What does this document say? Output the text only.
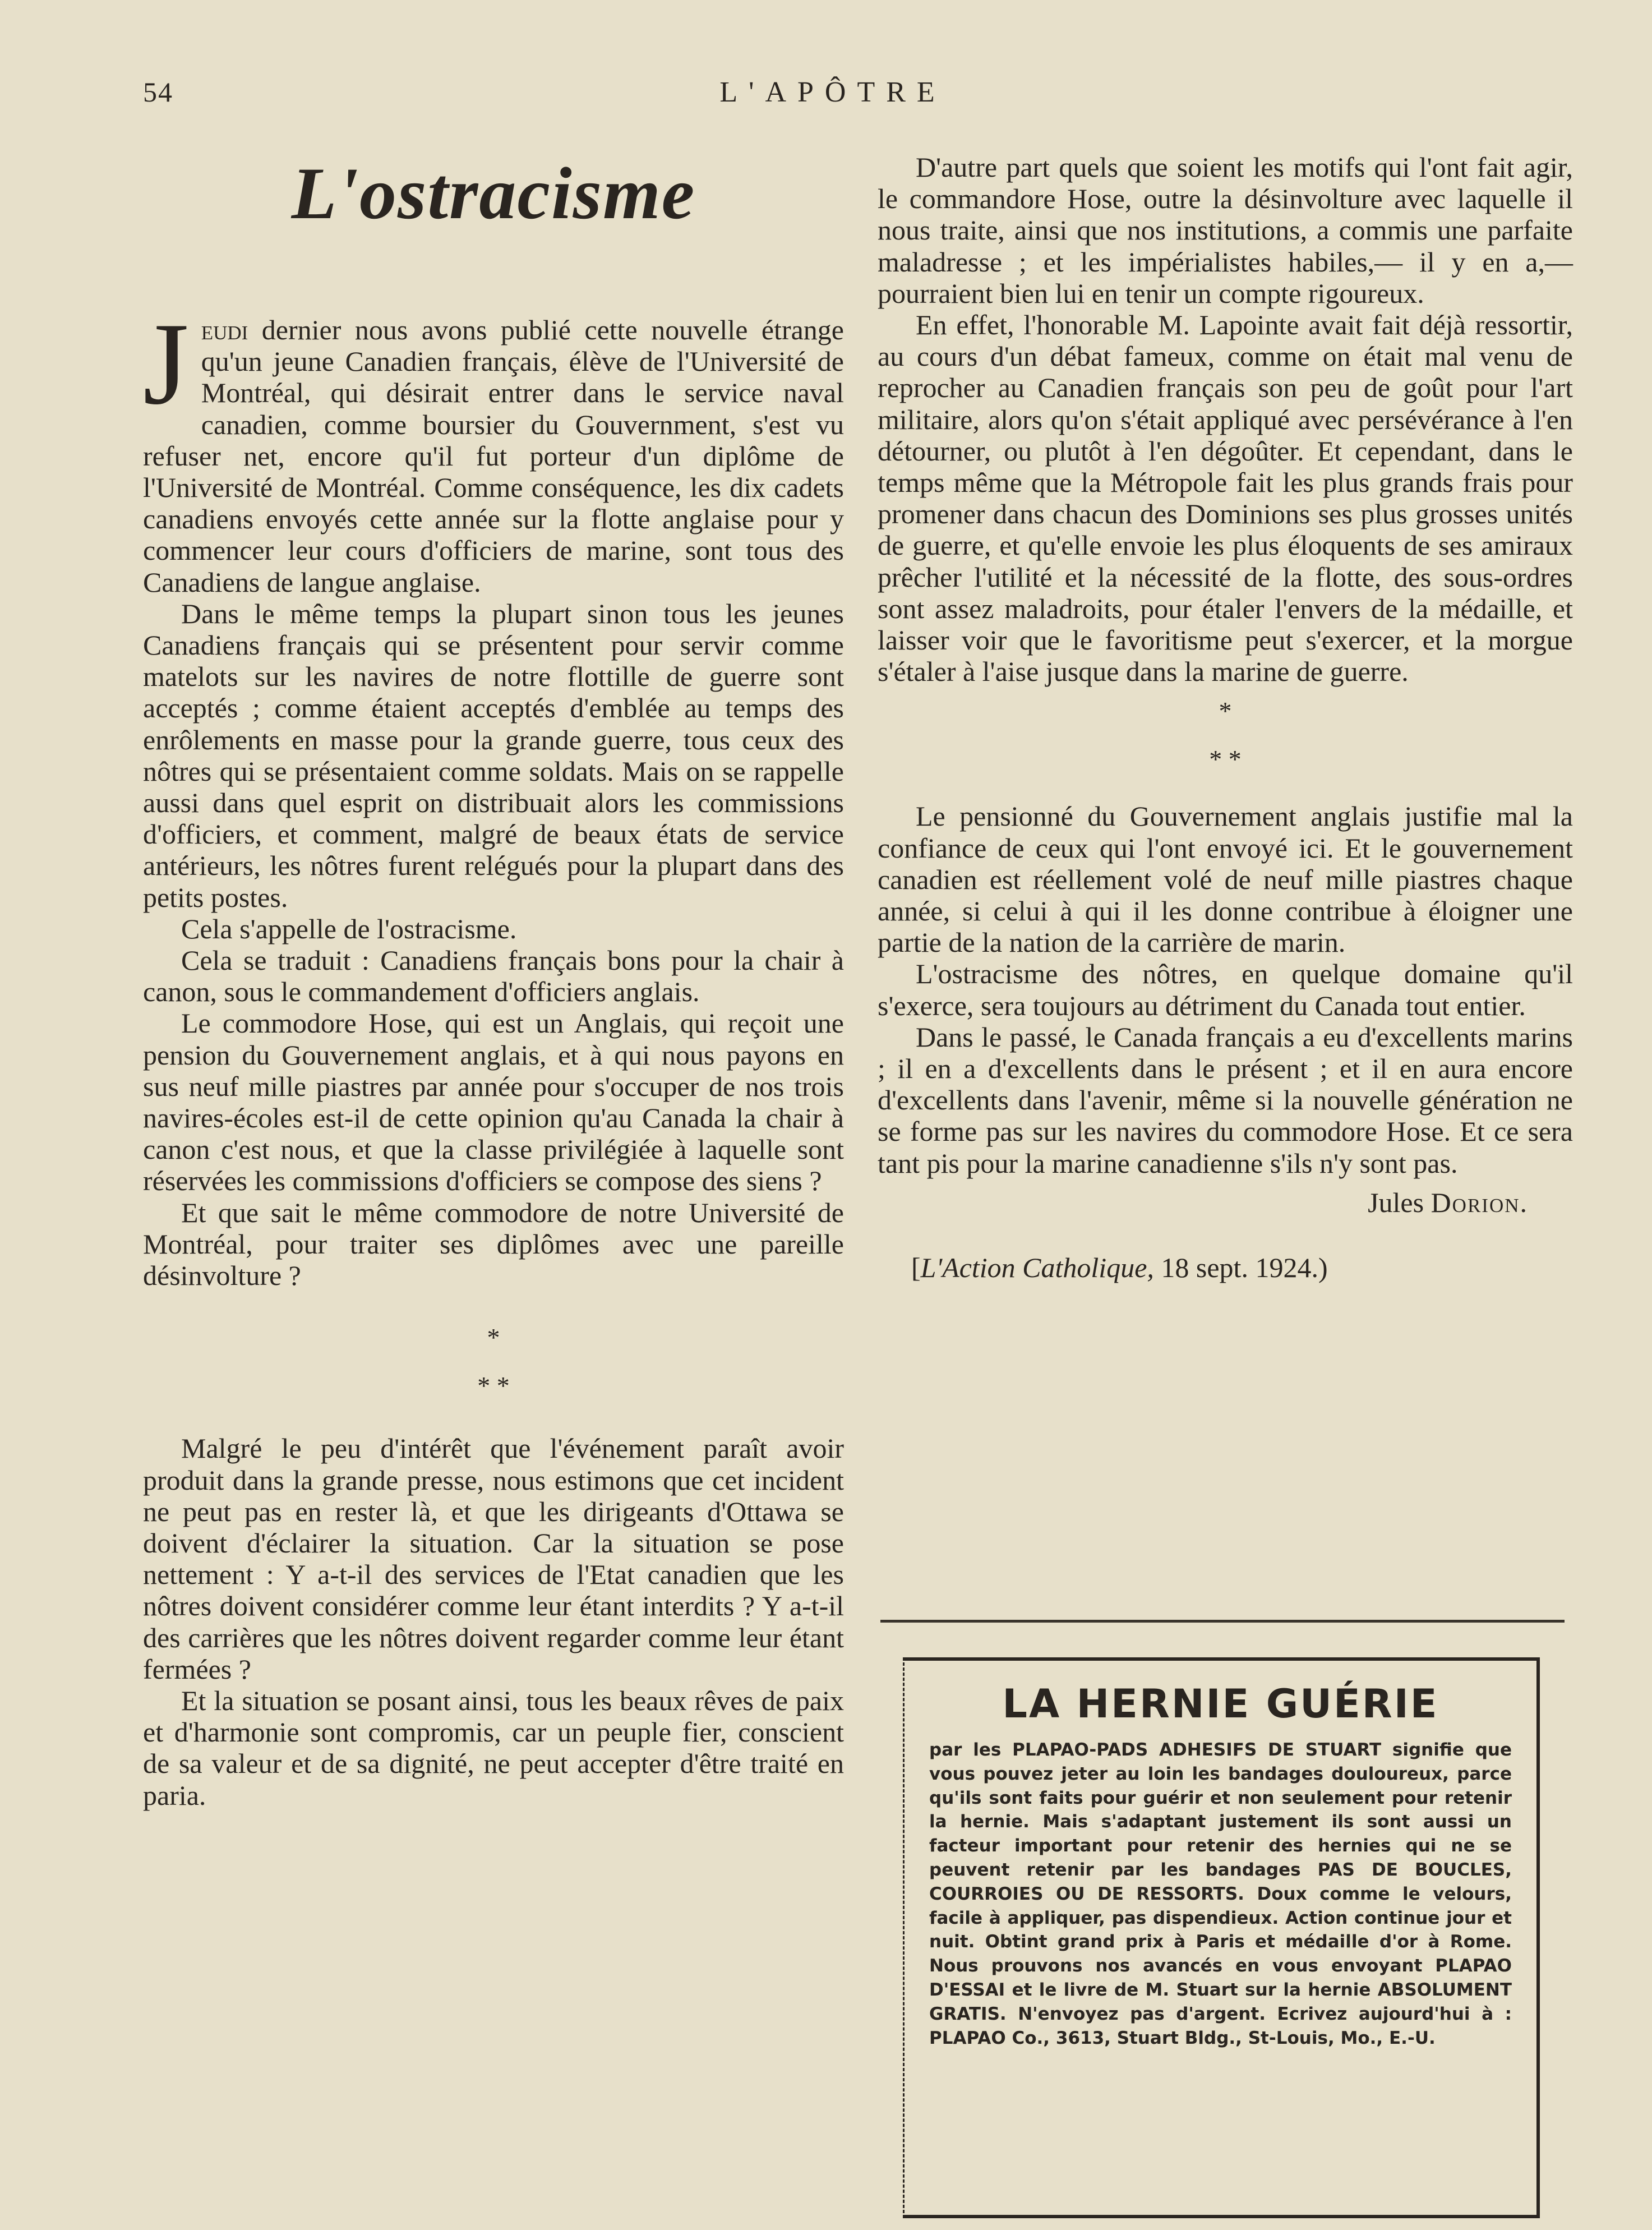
54	L'APÔTRE
L'ostracisme

Jeudi dernier nous avons publié cette nouvelle étrange qu'un jeune Canadien français, élève de l'Université de Montréal, qui désirait entrer dans le service naval canadien, comme boursier du Gouvernment, s'est vu refuser net, encore qu'il fut porteur d'un diplôme de l'Université de Montréal. Comme conséquence, les dix cadets canadiens envoyés cette année sur la flotte anglaise pour y commencer leur cours d'officiers de marine, sont tous des Canadiens de langue anglaise.

Dans le même temps la plupart sinon tous les jeunes Canadiens français qui se présentent pour servir comme matelots sur les navires de notre flottille de guerre sont acceptés ; comme étaient acceptés d'emblée au temps des enrôlements en masse pour la grande guerre, tous ceux des nôtres qui se présentaient comme soldats. Mais on se rappelle aussi dans quel esprit on distribuait alors les commissions d'officiers, et comment, malgré de beaux états de service antérieurs, les nôtres furent relégués pour la plupart dans des petits postes.

Cela s'appelle de l'ostracisme.

Cela se traduit : Canadiens français bons pour la chair à canon, sous le commandement d'officiers anglais.

Le commodore Hose, qui est un Anglais, qui reçoit une pension du Gouvernement anglais, et à qui nous payons en sus neuf mille piastres par année pour s'occuper de nos trois navires-écoles est-il de cette opinion qu'au Canada la chair à canon c'est nous, et que la classe privilégiée à laquelle sont réservées les commissions d'officiers se compose des siens ?

Et que sait le même commodore de notre Université de Montréal, pour traiter ses diplômes avec une pareille désinvolture ?

*
* *

Malgré le peu d'intérêt que l'événement paraît avoir produit dans la grande presse, nous estimons que cet incident ne peut pas en rester là, et que les dirigeants d'Ottawa se doivent d'éclairer la situation. Car la situation se pose nettement : Y a-t-il des services de l'Etat canadien que les nôtres doivent considérer comme leur étant interdits ? Y a-t-il des carrières que les nôtres doivent regarder comme leur étant fermées ?

Et la situation se posant ainsi, tous les beaux rêves de paix et d'harmonie sont compromis, car un peuple fier, conscient de sa valeur et de sa dignité, ne peut accepter d'être traité en paria.

D'autre part quels que soient les motifs qui l'ont fait agir, le commandore Hose, outre la désinvolture avec laquelle il nous traite, ainsi que nos institutions, a commis une parfaite maladresse ; et les impérialistes habiles,— il y en a,— pourraient bien lui en tenir un compte rigoureux.

En effet, l'honorable M. Lapointe avait fait déjà ressortir, au cours d'un débat fameux, comme on était mal venu de reprocher au Canadien français son peu de goût pour l'art militaire, alors qu'on s'était appliqué avec persévérance à l'en détourner, ou plutôt à l'en dégoûter. Et cependant, dans le temps même que la Métropole fait les plus grands frais pour promener dans chacun des Dominions ses plus grosses unités de guerre, et qu'elle envoie les plus éloquents de ses amiraux prêcher l'utilité et la nécessité de la flotte, des sous-ordres sont assez maladroits, pour étaler l'envers de la médaille, et laisser voir que le favoritisme peut s'exercer, et la morgue s'étaler à l'aise jusque dans la marine de guerre.

*
* *

Le pensionné du Gouvernement anglais justifie mal la confiance de ceux qui l'ont envoyé ici. Et le gouvernement canadien est réellement volé de neuf mille piastres chaque année, si celui à qui il les donne contribue à éloigner une partie de la nation de la carrière de marin.

L'ostracisme des nôtres, en quelque domaine qu'il s'exerce, sera toujours au détriment du Canada tout entier.

Dans le passé, le Canada français a eu d'excellents marins ; il en a d'excellents dans le présent ; et il en aura encore d'excellents dans l'avenir, même si la nouvelle génération ne se forme pas sur les navires du commodore Hose. Et ce sera tant pis pour la marine canadienne s'ils n'y sont pas.

Jules Dorion.

[L'Action Catholique, 18 sept. 1924.)

LA HERNIE GUÉRIE

par les PLAPAO-PADS ADHESIFS DE STUART signifie que vous pouvez jeter au loin les bandages douloureux, parce qu'ils sont faits pour guérir et non seulement pour retenir la hernie. Mais s'adaptant justement ils sont aussi un facteur important pour retenir des hernies qui ne se peuvent retenir par les bandages PAS DE BOUCLES, COURROIES OU DE RESSORTS. Doux comme le velours, facile à appliquer, pas dispendieux. Action continue jour et nuit. Obtint grand prix à Paris et médaille d'or à Rome. Nous prouvons nos avancés en vous envoyant PLAPAO D'ESSAI et le livre de M. Stuart sur la hernie ABSOLUMENT GRATIS. N'envoyez pas d'argent. Ecrivez aujourd'hui à : PLAPAO Co., 3613, Stuart Bldg., St-Louis, Mo., E.-U.
